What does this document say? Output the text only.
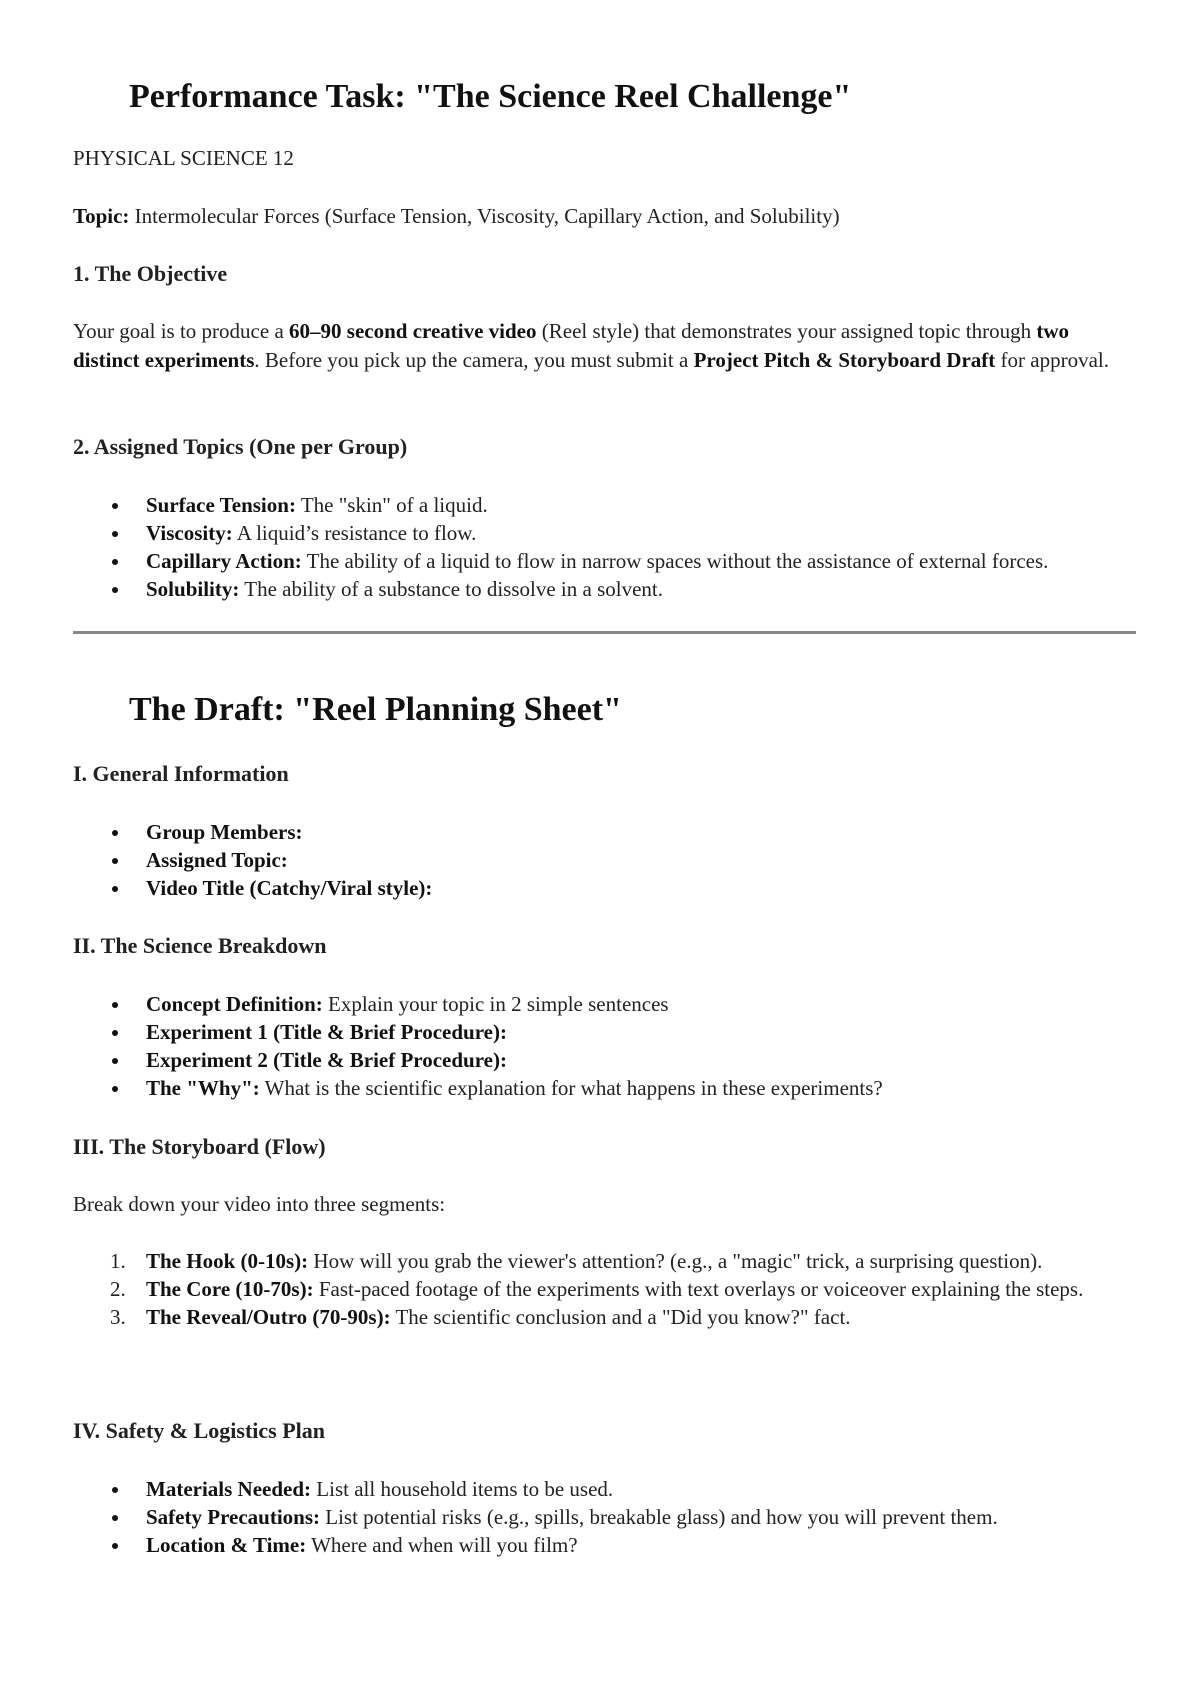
Performance Task: "The Science Reel Challenge"
PHYSICAL SCIENCE 12
Topic: Intermolecular Forces (Surface Tension, Viscosity, Capillary Action, and Solubility)
1. The Objective
Your goal is to produce a 60–90 second creative video (Reel style) that demonstrates your assigned topic through two distinct experiments. Before you pick up the camera, you must submit a Project Pitch & Storyboard Draft for approval.
2. Assigned Topics (One per Group)
Surface Tension: The "skin" of a liquid.
Viscosity: A liquid’s resistance to flow.
Capillary Action: The ability of a liquid to flow in narrow spaces without the assistance of external forces.
Solubility: The ability of a substance to dissolve in a solvent.
The Draft: "Reel Planning Sheet"
I. General Information
Group Members:
Assigned Topic:
Video Title (Catchy/Viral style):
II. The Science Breakdown
Concept Definition: Explain your topic in 2 simple sentences
Experiment 1 (Title & Brief Procedure):
Experiment 2 (Title & Brief Procedure):
The "Why": What is the scientific explanation for what happens in these experiments?
III. The Storyboard (Flow)
Break down your video into three segments:
1. The Hook (0-10s): How will you grab the viewer's attention? (e.g., a "magic" trick, a surprising question).
2. The Core (10-70s): Fast-paced footage of the experiments with text overlays or voiceover explaining the steps.
3. The Reveal/Outro (70-90s): The scientific conclusion and a "Did you know?" fact.
IV. Safety & Logistics Plan
Materials Needed: List all household items to be used.
Safety Precautions: List potential risks (e.g., spills, breakable glass) and how you will prevent them.
Location & Time: Where and when will you film?
